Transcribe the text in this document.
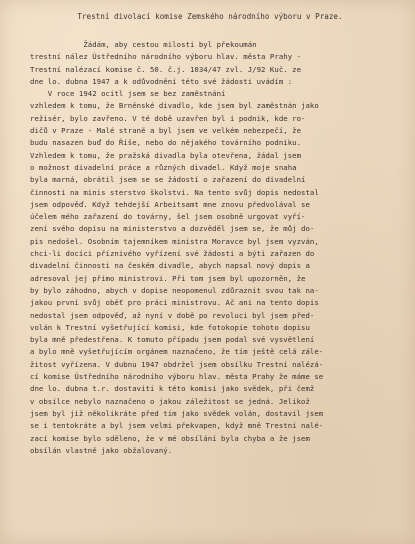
Trestní divolací komise Zemského národního výboru v Praze.
Žádám, aby cestou milosti byl překoumán
trestní nález Ústředního národního výboru hlav. města Prahy -
Trestní nalézací komise č. 50. č.j. 1034/47 zvl. J/92 Kuč. ze
dne lo. dubna 1947 a k odůvodnění této své žádosti uvádím :
V roce 1942 ocitl jsem se bez zaměstnání
vzhledem k tomu, že Brněnské divadlo, kde jsem byl zaměstnán jako
režisér, bylo zavřeno. V té době uzavřen byl i podnik, kde ro-
dičů v Praze - Malé straně a byl jsem ve velkém nebezpečí, že
budu nasazen buď do Říše, nebo do nějakého továrního podniku.
Vzhledem k tomu, že pražská divadla byla otevřena, žádal jsem
o možnost divadelní práce a různých divadel. Když moje snaha
byla marná, obrátil jsem se se žádostí o zařazení do divadelní
činnosti na minis sterstvo školství. Na tento svůj dopis nedostal
jsem odpověď. Když tehdejší Arbeitsamt mne znovu předvolával se
účelem mého zařazení do továrny, šel jsem osobně urgovat vyří-
zení svého dopisu na ministerstvo a dozvěděl jsem se, že můj do-
pis nedošel. Osobním tajemníkem ministra Moravce byl jsem vyzván,
chci-li docíci příznivého vyřízení své žádosti a býti zařazen do
divadelní činnosti na českém divadle, abych napsal nový dopis a
adresoval jej přímo ministrovi. Při tom jsem byl upozorněn, že
by bylo záhodno, abych v dopise neopomenul zdůraznit svou tak na-
jakou první svůj oběť pro práci ministrovu. Ač ani na tento dopis
nedostal jsem odpověď, až nyní v době po revoluci byl jsem před-
volán k Trestní vyšetřující komisi, kde fotokopie tohoto dopisu
byla mně předestřena. K tomuto případu jsem podal své vysvětlení
a bylo mně vyšetřujícím orgánem naznačeno, že tím ještě celá zále-
žitost vyřízena. V dubnu 1947 obdržel jsem obsílku Trestní nalézá-
cí komise Ústředního národního výboru hlav. města Prahy že máme se
dne lo. dubna t.r. dostaviti k této komisi jako svědek, při čemž
v obsílce nebylo naznačeno o jakou záležitost se jedná. Jelikož
jsem byl již několikráte před tím jako svědek volán, dostavil jsem
se i tentokráte a byl jsem velmi překvapen, když mně Trestní nalé-
zací komise bylo sděleno, že v mé obsílání byla chyba a že jsem
obsílán vlastně jako obžalovaný.
